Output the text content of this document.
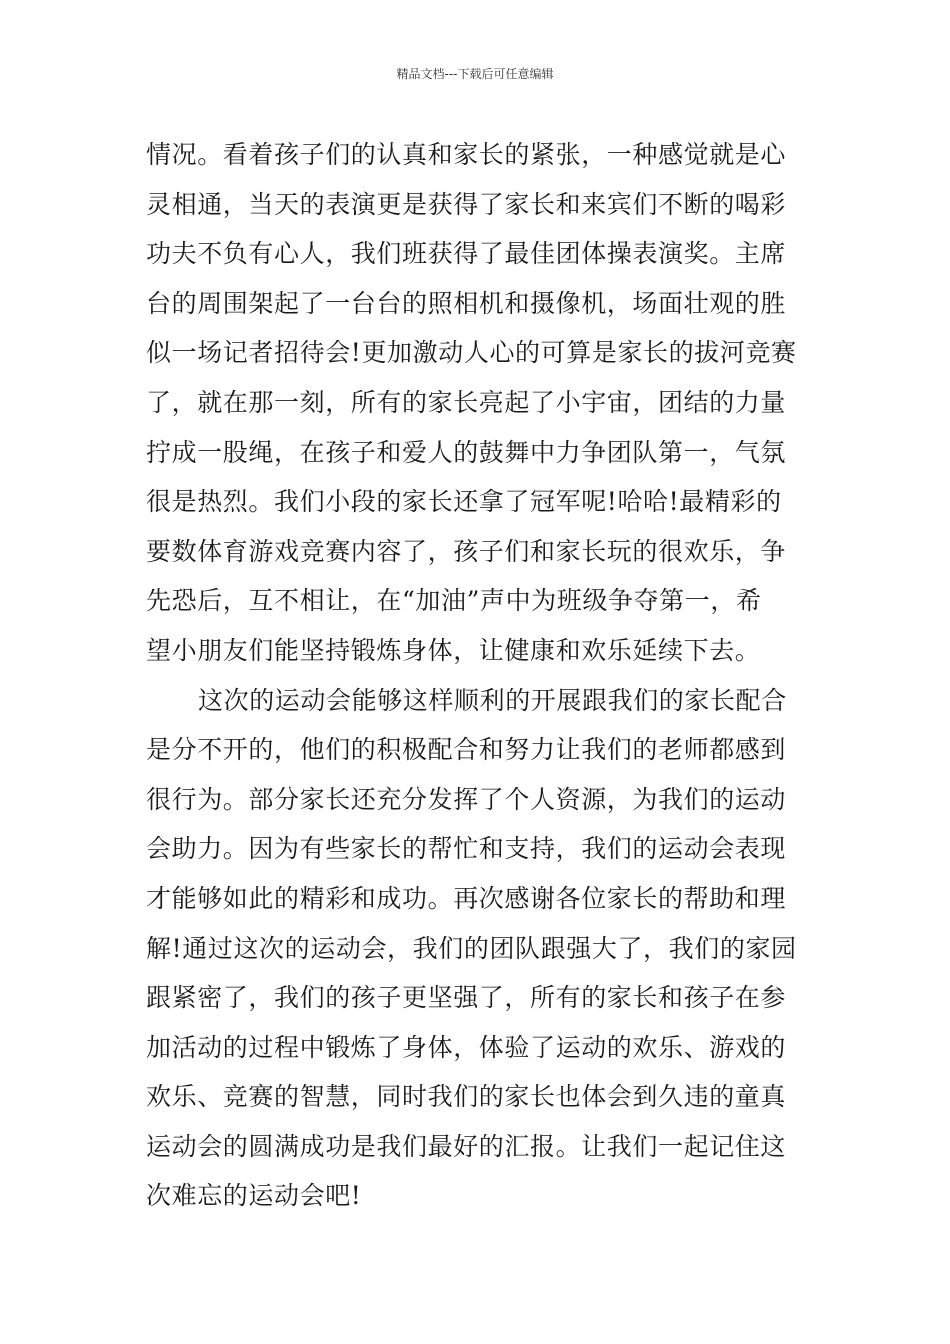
精品文档---下载后可任意编辑
情况。看着孩子们的认真和家长的紧张，一种感觉就是心
灵相通，当天的表演更是获得了家长和来宾们不断的喝彩
功夫不负有心人，我们班获得了最佳团体操表演奖。主席
台的周围架起了一台台的照相机和摄像机，场面壮观的胜
似一场记者招待会!更加激动人心的可算是家长的拔河竞赛
了，就在那一刻，所有的家长亮起了小宇宙，团结的力量
拧成一股绳，在孩子和爱人的鼓舞中力争团队第一，气氛
很是热烈。我们小段的家长还拿了冠军呢!哈哈!最精彩的
要数体育游戏竞赛内容了，孩子们和家长玩的很欢乐，争
先恐后，互不相让，在“加油”声中为班级争夺第一，希
望小朋友们能坚持锻炼身体，让健康和欢乐延续下去。
这次的运动会能够这样顺利的开展跟我们的家长配合
是分不开的，他们的积极配合和努力让我们的老师都感到
很行为。部分家长还充分发挥了个人资源，为我们的运动
会助力。因为有些家长的帮忙和支持，我们的运动会表现
才能够如此的精彩和成功。再次感谢各位家长的帮助和理
解!通过这次的运动会，我们的团队跟强大了，我们的家园
跟紧密了，我们的孩子更坚强了，所有的家长和孩子在参
加活动的过程中锻炼了身体，体验了运动的欢乐、游戏的
欢乐、竞赛的智慧，同时我们的家长也体会到久违的童真
运动会的圆满成功是我们最好的汇报。让我们一起记住这
次难忘的运动会吧!
